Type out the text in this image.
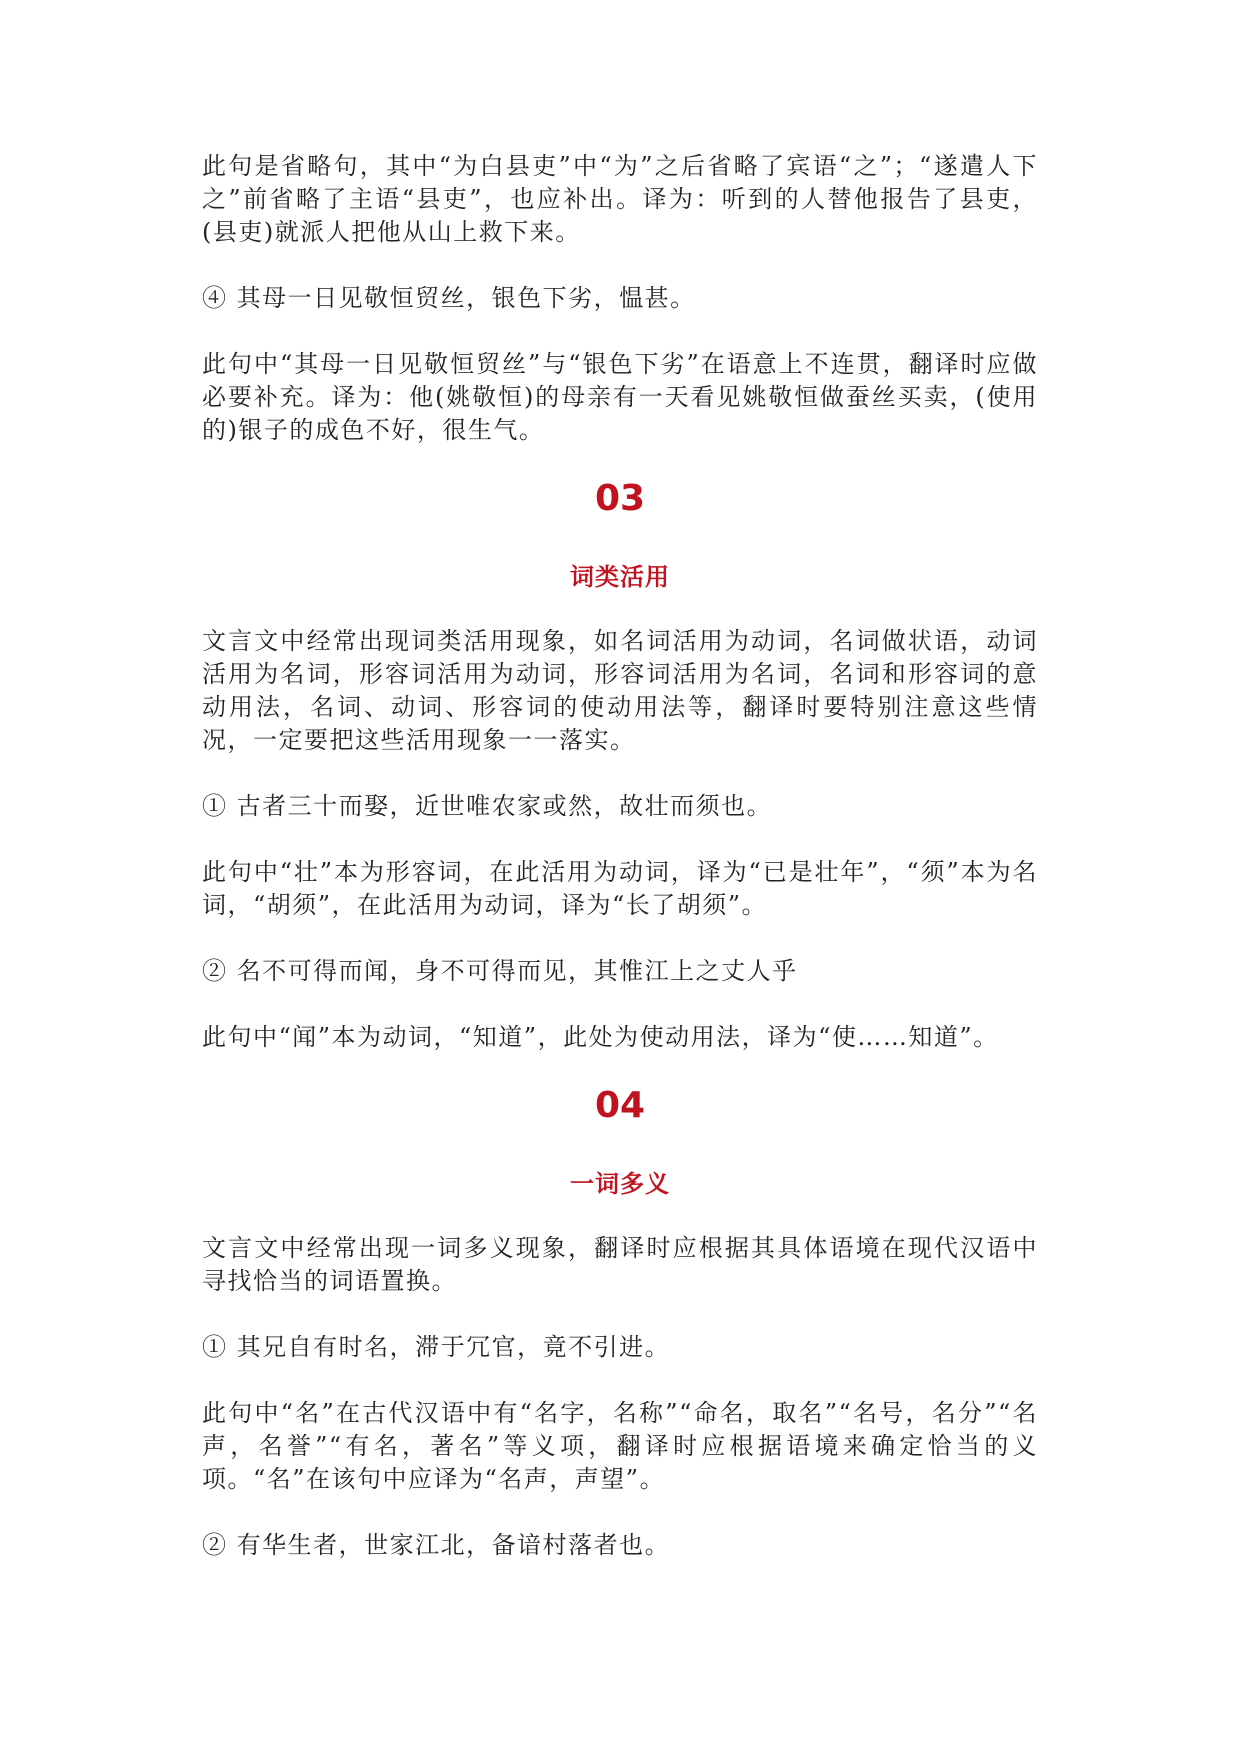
此句是省略句，其中“为白县吏”中“为”之后省略了宾语“之”；“遂遣人下之”前省略了主语“县吏”，也应补出。译为：听到的人替他报告了县吏，(县吏)就派人把他从山上救下来。

④ 其母一日见敬恒贸丝，银色下劣，愠甚。

此句中“其母一日见敬恒贸丝”与“银色下劣”在语意上不连贯，翻译时应做必要补充。译为：他(姚敬恒)的母亲有一天看见姚敬恒做蚕丝买卖，(使用的)银子的成色不好，很生气。

03
词类活用

文言文中经常出现词类活用现象，如名词活用为动词，名词做状语，动词活用为名词，形容词活用为动词，形容词活用为名词，名词和形容词的意动用法，名词、动词、形容词的使动用法等，翻译时要特别注意这些情况，一定要把这些活用现象一一落实。

① 古者三十而娶，近世唯农家或然，故壮而须也。

此句中“壮”本为形容词，在此活用为动词，译为“已是壮年”，“须”本为名词，“胡须”，在此活用为动词，译为“长了胡须”。

② 名不可得而闻，身不可得而见，其惟江上之丈人乎

此句中“闻”本为动词，“知道”，此处为使动用法，译为“使……知道”。

04
一词多义

文言文中经常出现一词多义现象，翻译时应根据其具体语境在现代汉语中寻找恰当的词语置换。

① 其兄自有时名，滞于冗官，竟不引进。

此句中“名”在古代汉语中有“名字，名称”“命名，取名”“名号，名分”“名声，名誉”“有名，著名”等义项，翻译时应根据语境来确定恰当的义项。“名”在该句中应译为“名声，声望”。

② 有华生者，世家江北，备谙村落者也。
